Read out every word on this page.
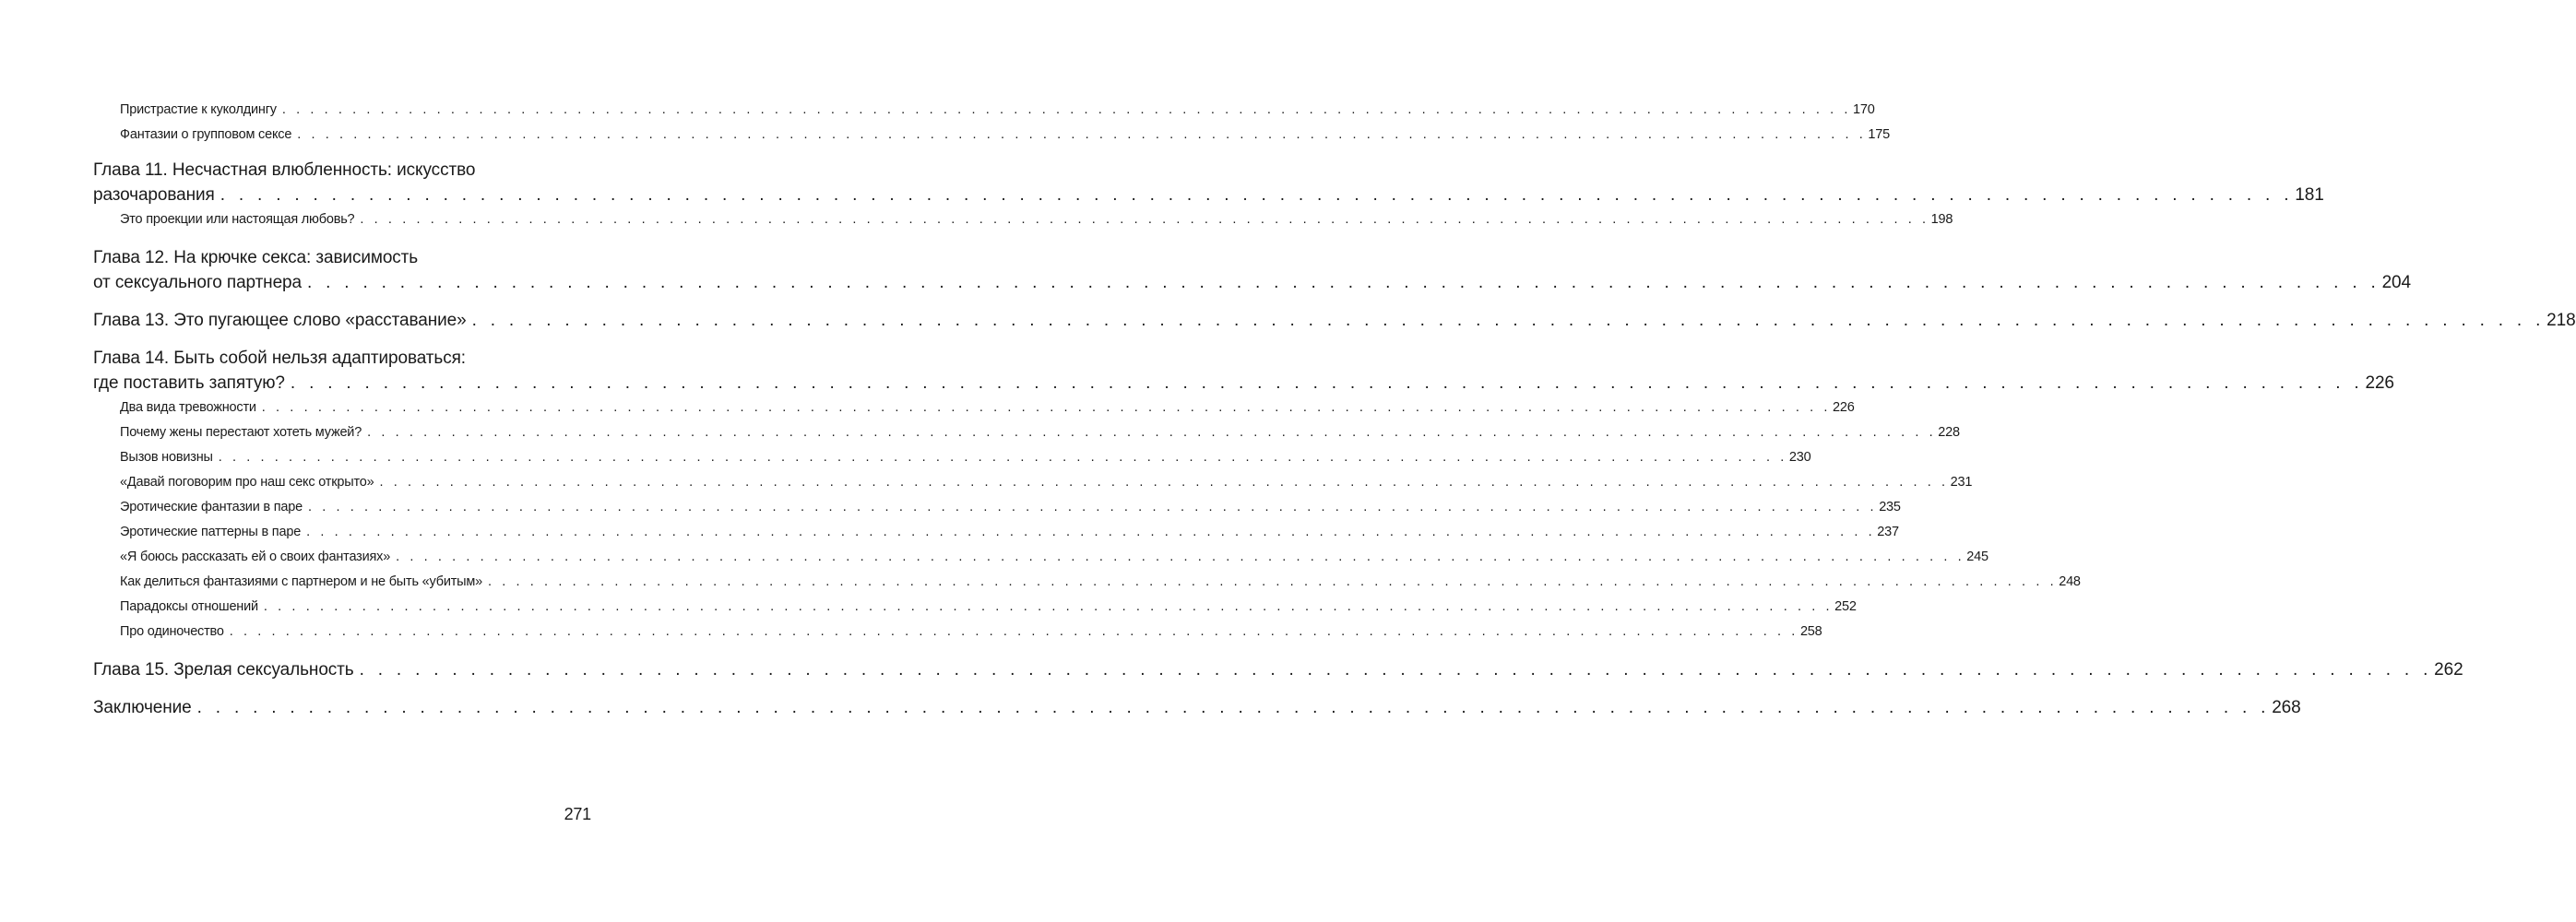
Пристрастие к куколдингу . . .	170
Фантазии о групповом сексе . . .	175
Глава 11. Несчастная влюбленность: искусство
разочарования . . .	181
Это проекции или настоящая любовь? . . .	198
Глава 12. На крючке секса: зависимость
от сексуального партнера . . .	204
Глава 13. Это пугающее слово «расставание» . . .	218
Глава 14. Быть собой нельзя адаптироваться:
где поставить запятую? . . .	226
Два вида тревожности . . .	226
Почему жены перестают хотеть мужей? . . .	228
Вызов новизны . . .	230
«Давай поговорим про наш секс открыто» . . .	231
Эротические фантазии в паре . . .	235
Эротические паттерны в паре . . .	237
«Я боюсь рассказать ей о своих фантазиях» . . .	245
Как делиться фантазиями с партнером и не быть «убитым» . . .	248
Парадоксы отношений . . .	252
Про одиночество . . .	258
Глава 15. Зрелая сексуальность . . .	262
Заключение . . .	268
271
